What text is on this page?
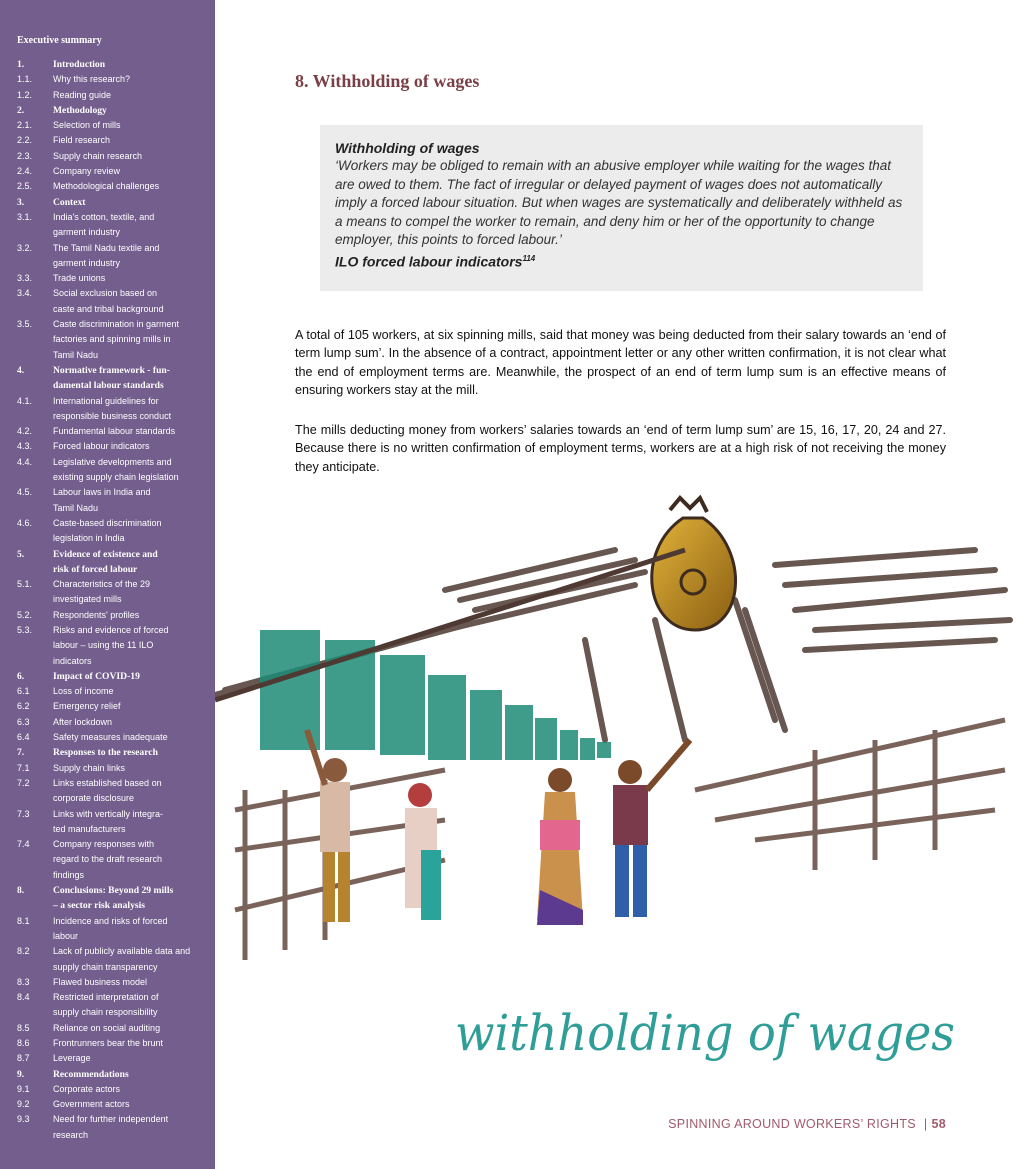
Executive summary
1.	Introduction
1.1.	Why this research?
1.2.	Reading guide
2.	Methodology
2.1.	Selection of mills
2.2.	Field research
2.3.	Supply chain research
2.4.	Company review
2.5.	Methodological challenges
3.	Context
3.1.	India's cotton, textile, and
garment industry
3.2.	The Tamil Nadu textile and
garment industry
3.3.	Trade unions
3.4.	Social exclusion based on
caste and tribal background
3.5.	Caste discrimination in garment
factories and spinning mills in
Tamil Nadu
4.	Normative framework - fun-
damental labour standards
4.1.	International guidelines for
responsible business conduct
4.2.	Fundamental labour standards
4.3.	Forced labour indicators
4.4.	Legislative developments and
existing supply chain legislation
4.5.	Labour laws in India and
Tamil Nadu
4.6.	Caste-based discrimination
legislation in India
5.	Evidence of existence and
risk of forced labour
5.1.	Characteristics of the 29
investigated mills
5.2.	Respondents' profiles
5.3.	Risks and evidence of forced
labour – using the 11 ILO
indicators
6.	Impact of COVID-19
6.1	Loss of income
6.2	Emergency relief
6.3	After lockdown
6.4	Safety measures inadequate
7.	Responses to the research
7.1	Supply chain links
7.2	Links established based on
corporate disclosure
7.3	Links with vertically integra-
ted manufacturers
7.4	Company responses with
regard to the draft research
findings
8.	Conclusions: Beyond 29 mills
– a sector risk analysis
8.1	Incidence and risks of forced
labour
8.2	Lack of publicly available data and
supply chain transparency
8.3	Flawed business model
8.4	Restricted interpretation of
supply chain responsibility
8.5	Reliance on social auditing
8.6	Frontrunners bear the brunt
8.7	Leverage
9.	Recommendations
9.1	Corporate actors
9.2	Government actors
9.3	Need for further independent
research
8. Withholding of wages
Withholding of wages
‘Workers may be obliged to remain with an abusive employer while waiting for the wages that are owed to them. The fact of irregular or delayed payment of wages does not automatically imply a forced labour situation. But when wages are systematically and deliberately withheld as a means to compel the worker to remain, and deny him or her of the opportunity to change employer, this points to forced labour.’
ILO forced labour indicators$^{114}$

A total of 105 workers, at six spinning mills, said that money was being deducted from their salary towards an ‘end of term lump sum’. In the absence of a contract, appointment letter or any other written confirmation, it is not clear what the end of employment terms are. Meanwhile, the prospect of an end of term lump sum is an effective means of ensuring workers stay at the mill.

The mills deducting money from workers’ salaries towards an ‘end of term lump sum’ are 15, 16, 17, 20, 24 and 27. Because there is no written confirmation of employment terms, workers are at a high risk of not receiving the money they anticipate.

withholding of wages
SPINNING AROUND WORKERS’ RIGHTS | 58
